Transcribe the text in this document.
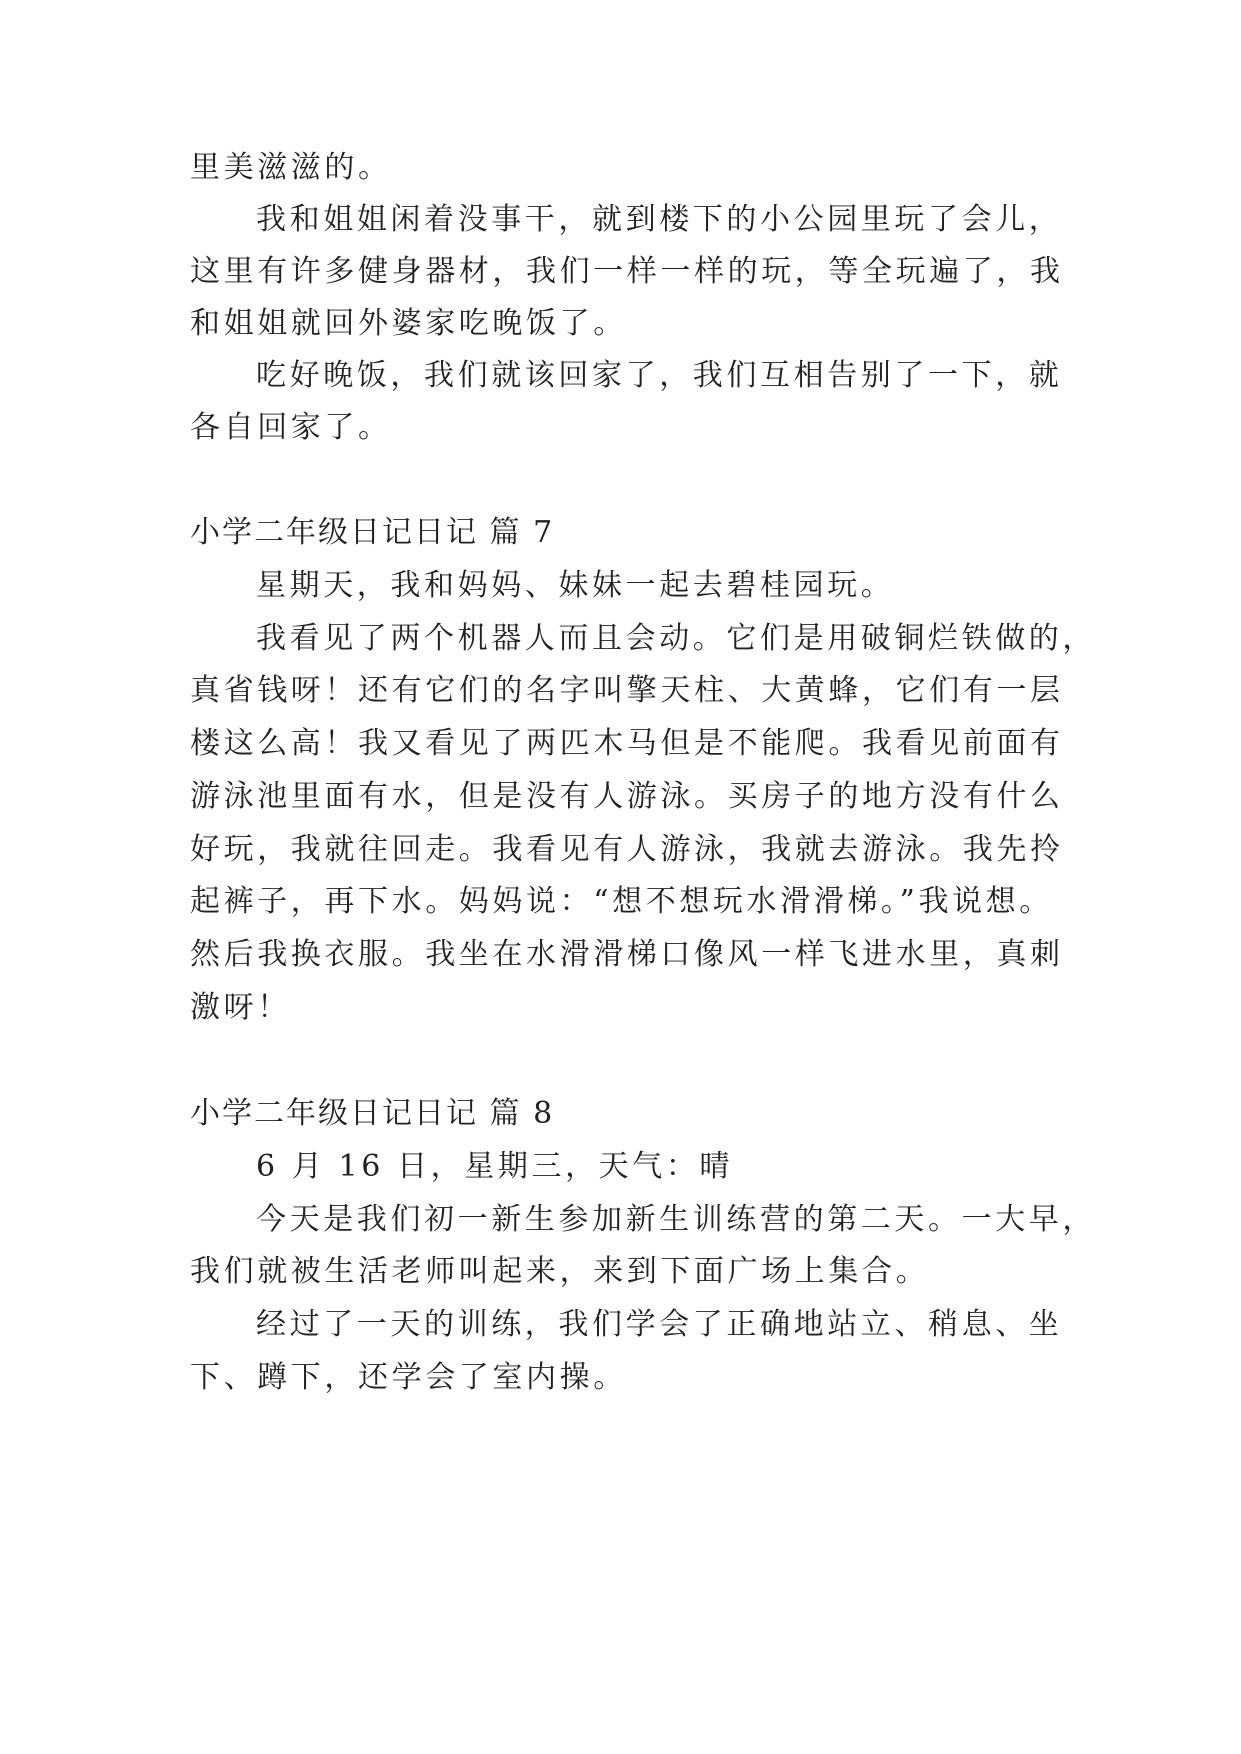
里美滋滋的。
我和姐姐闲着没事干，就到楼下的小公园里玩了会儿，
这里有许多健身器材，我们一样一样的玩，等全玩遍了，我
和姐姐就回外婆家吃晚饭了。
吃好晚饭，我们就该回家了，我们互相告别了一下，就
各自回家了。
小学二年级日记日记 篇 7
星期天，我和妈妈、妹妹一起去碧桂园玩。
我看见了两个机器人而且会动。它们是用破铜烂铁做的，
真省钱呀！还有它们的名字叫擎天柱、大黄蜂，它们有一层
楼这么高！我又看见了两匹木马但是不能爬。我看见前面有
游泳池里面有水，但是没有人游泳。买房子的地方没有什么
好玩，我就往回走。我看见有人游泳，我就去游泳。我先拎
起裤子，再下水。妈妈说：“想不想玩水滑滑梯。”我说想。
然后我换衣服。我坐在水滑滑梯口像风一样飞进水里，真刺
激呀！
小学二年级日记日记 篇 8
6 月 16 日，星期三，天气：晴
今天是我们初一新生参加新生训练营的第二天。一大早，
我们就被生活老师叫起来，来到下面广场上集合。
经过了一天的训练，我们学会了正确地站立、稍息、坐
下、蹲下，还学会了室内操。
